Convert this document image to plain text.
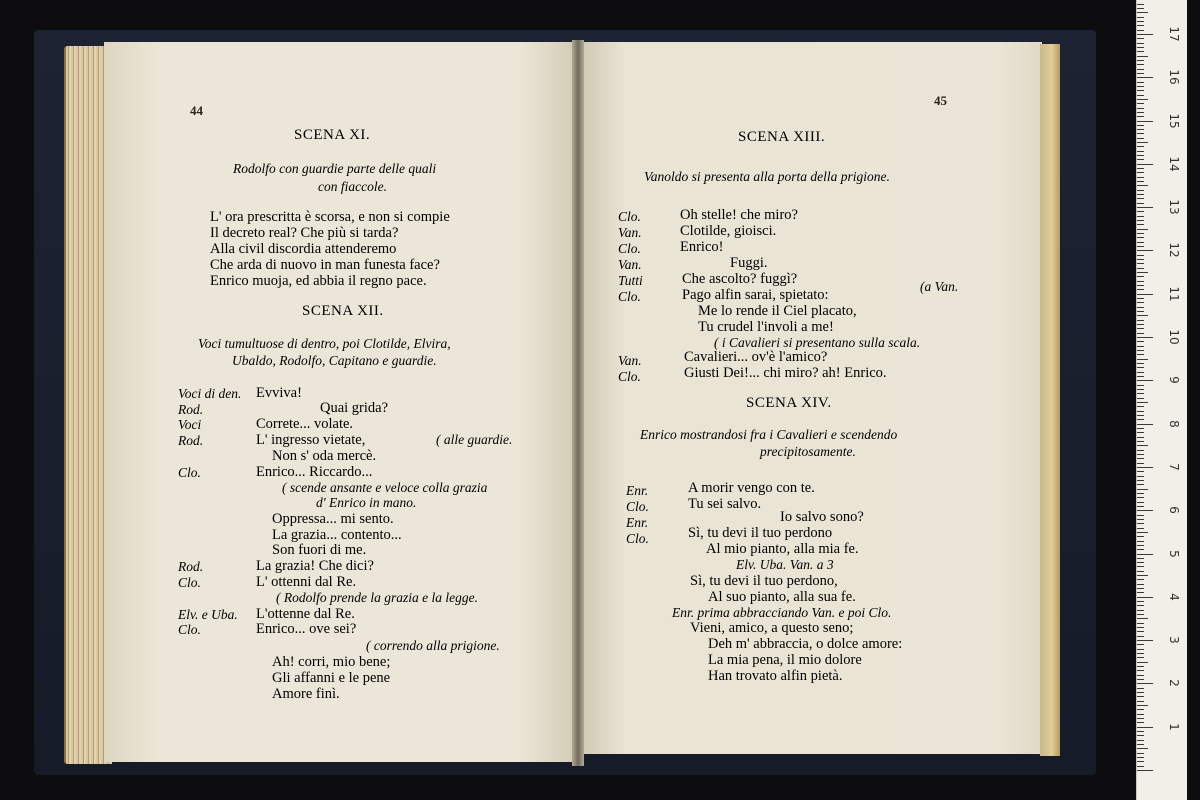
1
2
3
4
5
6
7
8
9
10
11
12
13
14
15
16
17
44
SCENA XI.
Rodolfo con guardie parte delle quali
con fiaccole.
L' ora prescritta è scorsa, e non si compie
Il decreto real? Che più si tarda?
Alla civil discordia attenderemo
Che arda di nuovo in man funesta face?
Enrico muoja, ed abbia il regno pace.
SCENA XII.
Voci tumultuose di dentro, poi Clotilde, Elvira,
Ubaldo, Rodolfo, Capitano e guardie.
Voci di den. Evviva!
Rod.	Quai grida?
Voci	Correte... volate.
Rod.	L' ingresso vietate,	( alle guardie.
Non s' oda mercè.
Clo.	Enrico... Riccardo...
( scende ansante e veloce colla grazia
d' Enrico in mano.
Oppressa... mi sento.
La grazia... contento...
Son fuori di me.
Rod.	La grazia! Che dici?
Clo.	L' ottenni dal Re.
( Rodolfo prende la grazia e la legge.
Elv. e Uba. L'ottenne dal Re.
Clo.	Enrico... ove sei?
( correndo alla prigione.
Ah! corri, mio bene;
Gli affanni e le pene
Amore finì.
45
SCENA XIII.
Vanoldo si presenta alla porta della prigione.
Clo.	Oh stelle! che miro?
Van.	Clotilde, gioisci.
Clo.	Enrico!
Van.	Fuggi.
Tutti	Che ascolto? fuggì?
Clo.	Pago alfin sarai, spietato:
(a Van.
Me lo rende il Ciel placato,
Tu crudel l'involi a me!
( i Cavalieri si presentano sulla scala.
Van.	Cavalieri... ov'è l'amico?
Clo.	Giusti Dei!... chi miro? ah! Enrico.
SCENA XIV.
Enrico mostrandosi fra i Cavalieri e scendendo
precipitosamente.
Enr.	A morir vengo con te.
Clo.	Tu sei salvo.
Enr.	Io salvo sono?
Clo.	Sì, tu devi il tuo perdono
Al mio pianto, alla mia fe.
Elv. Uba. Van. a 3
Sì, tu devi il tuo perdono,
Al suo pianto, alla sua fe.
Enr. prima abbracciando Van. e poi Clo.
Vieni, amico, a questo seno;
Deh m' abbraccia, o dolce amore:
La mia pena, il mio dolore
Han trovato alfin pietà.
